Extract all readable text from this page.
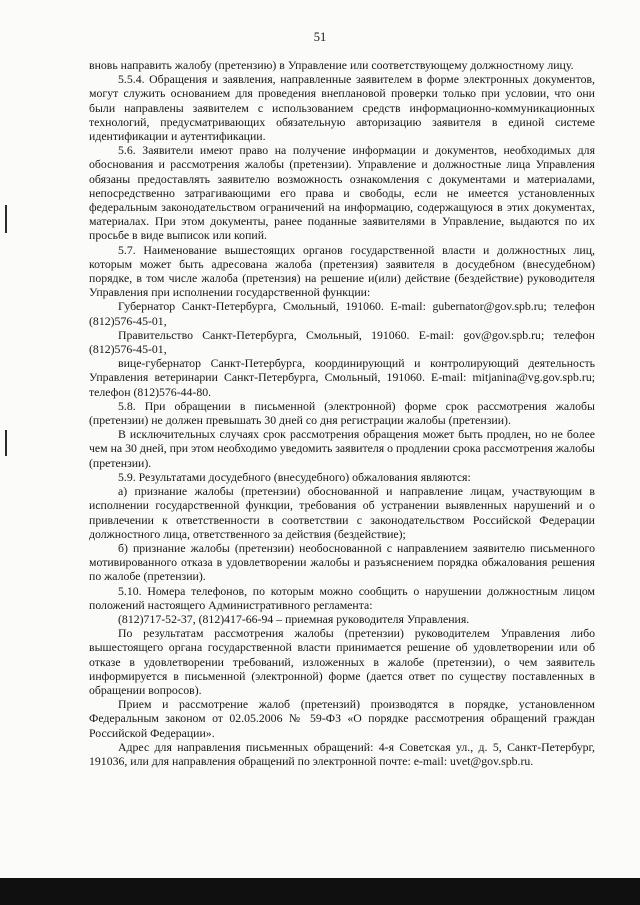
51

вновь направить жалобу (претензию) в Управление или соответствующему должностному лицу.

5.5.4. Обращения и заявления, направленные заявителем в форме электронных документов, могут служить основанием для проведения внеплановой проверки только при условии, что они были направлены заявителем с использованием средств информационно-коммуникационных технологий, предусматривающих обязательную авторизацию заявителя в единой системе идентификации и аутентификации.

5.6. Заявители имеют право на получение информации и документов, необходимых для обоснования и рассмотрения жалобы (претензии). Управление и должностные лица Управления обязаны предоставлять заявителю возможность ознакомления с документами и материалами, непосредственно затрагивающими его права и свободы, если не имеется установленных федеральным законодательством ограничений на информацию, содержащуюся в этих документах, материалах. При этом документы, ранее поданные заявителями в Управление, выдаются по их просьбе в виде выписок или копий.

5.7. Наименование вышестоящих органов государственной власти и должностных лиц, которым может быть адресована жалоба (претензия) заявителя в досудебном (внесудебном) порядке, в том числе жалоба (претензия) на решение и(или) действие (бездействие) руководителя Управления при исполнении государственной функции:

Губернатор Санкт-Петербурга, Смольный, 191060. E-mail: gubernator@gov.spb.ru; телефон (812)576-45-01,

Правительство Санкт-Петербурга, Смольный, 191060. E-mail: gov@gov.spb.ru; телефон (812)576-45-01,

вице-губернатор Санкт-Петербурга, координирующий и контролирующий деятельность Управления ветеринарии Санкт-Петербурга, Смольный, 191060. E-mail: mitjanina@vg.gov.spb.ru; телефон (812)576-44-80.

5.8. При обращении в письменной (электронной) форме срок рассмотрения жалобы (претензии) не должен превышать 30 дней со дня регистрации жалобы (претензии).

В исключительных случаях срок рассмотрения обращения может быть продлен, но не более чем на 30 дней, при этом необходимо уведомить заявителя о продлении срока рассмотрения жалобы (претензии).

5.9. Результатами досудебного (внесудебного) обжалования являются:

а) признание жалобы (претензии) обоснованной и направление лицам, участвующим в исполнении государственной функции, требования об устранении выявленных нарушений и о привлечении к ответственности в соответствии с законодательством Российской Федерации должностного лица, ответственного за действия (бездействие);

б) признание жалобы (претензии) необоснованной с направлением заявителю письменного мотивированного отказа в удовлетворении жалобы и разъяснением порядка обжалования решения по жалобе (претензии).

5.10. Номера телефонов, по которым можно сообщить о нарушении должностным лицом положений настоящего Административного регламента:

(812)717-52-37, (812)417-66-94 – приемная руководителя Управления.

По результатам рассмотрения жалобы (претензии) руководителем Управления либо вышестоящего органа государственной власти принимается решение об удовлетворении или об отказе в удовлетворении требований, изложенных в жалобе (претензии), о чем заявитель информируется в письменной (электронной) форме (дается ответ по существу поставленных в обращении вопросов).

Прием и рассмотрение жалоб (претензий) производятся в порядке, установленном Федеральным законом от 02.05.2006 № 59-ФЗ «О порядке рассмотрения обращений граждан Российской Федерации».

Адрес для направления письменных обращений: 4-я Советская ул., д. 5, Санкт-Петербург, 191036, или для направления обращений по электронной почте: e-mail: uvet@gov.spb.ru.
